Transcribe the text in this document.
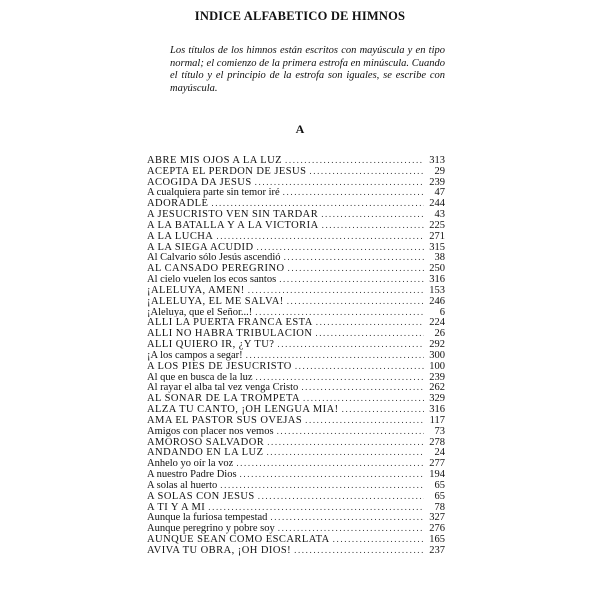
INDICE ALFABETICO DE HIMNOS

Los títulos de los himnos están escritos con mayúscula y en tipo normal; el comienzo de la primera estrofa en minúscula. Cuando el título y el principio de la estrofa son iguales, se escribe con mayúscula.

A
ABRE MIS OJOS A LA LUZ .....	313
ACEPTA EL PERDON DE JESUS .....	29
ACOGIDA DA JESUS .....	239
A cualquiera parte sin temor iré .....	47
ADORADLE .....	244
A JESUCRISTO VEN SIN TARDAR .....	43
A LA BATALLA Y A LA VICTORIA .....	225
A LA LUCHA .....	271
A LA SIEGA ACUDID .....	315
Al Calvario sólo Jesús ascendió .....	38
AL CANSADO PEREGRINO .....	250
Al cielo vuelen los ecos santos .....	316
¡ALELUYA, AMEN! .....	153
¡ALELUYA, EL ME SALVA! .....	246
¡Aleluya, que el Señor...! .....	6
ALLI LA PUERTA FRANCA ESTA .....	224
ALLI NO HABRA TRIBULACION .....	26
ALLI QUIERO IR, ¿Y TU? .....	292
¡A los campos a segar! .....	300
A LOS PIES DE JESUCRISTO .....	100
Al que en busca de la luz .....	239
Al rayar el alba tal vez venga Cristo .....	262
AL SONAR DE LA TROMPETA .....	329
ALZA TU CANTO, ¡OH LENGUA MIA! .....	316
AMA EL PASTOR SUS OVEJAS .....	117
Amigos con placer nos vemos .....	73
AMOROSO SALVADOR .....	278
ANDANDO EN LA LUZ .....	24
Anhelo yo oír la voz .....	277
A nuestro Padre Dios .....	194
A solas al huerto .....	65
A SOLAS CON JESUS .....	65
A TI Y A MI .....	78
Aunque la furiosa tempestad .....	327
Aunque peregrino y pobre soy .....	276
AUNQUE SEAN COMO ESCARLATA .....	165
AVIVA TU OBRA, ¡OH DIOS! .....	237
